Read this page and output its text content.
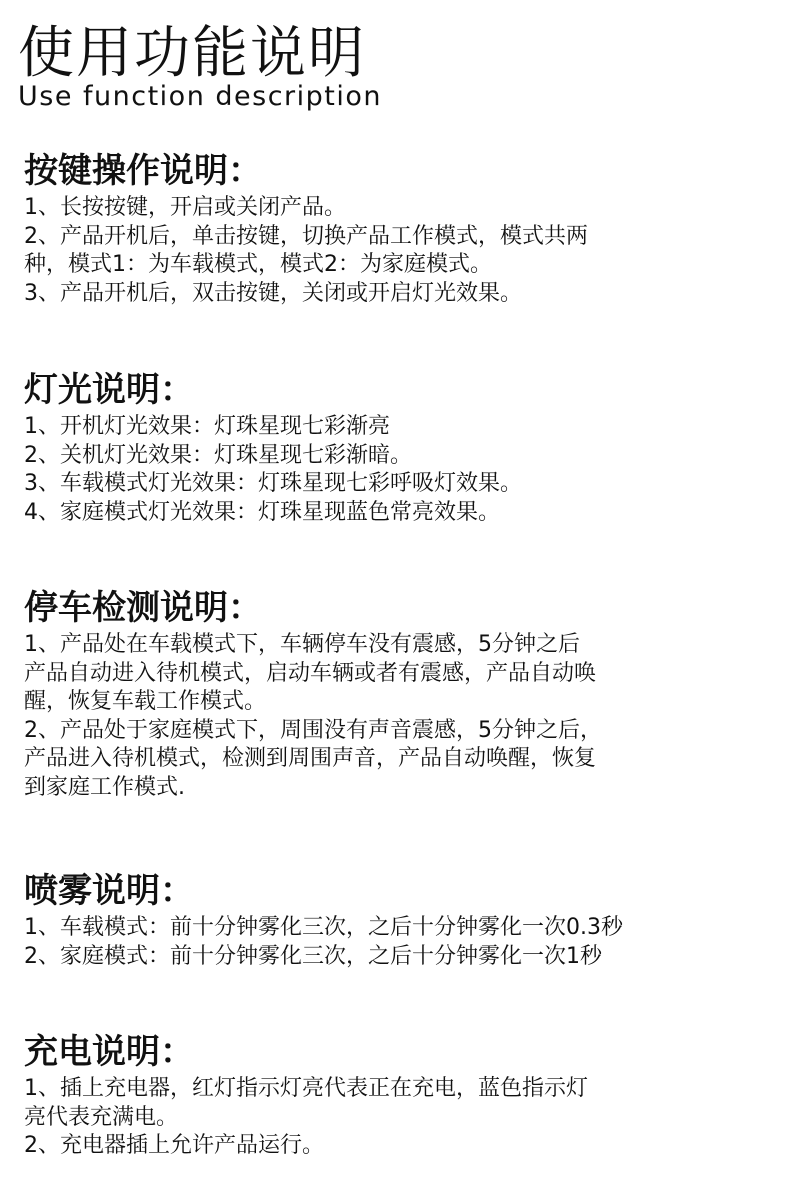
使用功能说明
Use function description
按键操作说明：
1、长按按键，开启或关闭产品。
2、产品开机后，单击按键，切换产品工作模式，模式共两
种，模式1：为车载模式，模式2：为家庭模式。
3、产品开机后，双击按键，关闭或开启灯光效果。
灯光说明：
1、开机灯光效果：灯珠星现七彩渐亮
2、关机灯光效果：灯珠星现七彩渐暗。
3、车载模式灯光效果：灯珠星现七彩呼吸灯效果。
4、家庭模式灯光效果：灯珠星现蓝色常亮效果。
停车检测说明：
1、产品处在车载模式下，车辆停车没有震感，5分钟之后
产品自动进入待机模式，启动车辆或者有震感，产品自动唤
醒，恢复车载工作模式。
2、产品处于家庭模式下，周围没有声音震感，5分钟之后，
产品进入待机模式，检测到周围声音，产品自动唤醒，恢复
到家庭工作模式.
喷雾说明：
1、车载模式：前十分钟雾化三次，之后十分钟雾化一次0.3秒
2、家庭模式：前十分钟雾化三次，之后十分钟雾化一次1秒
充电说明：
1、插上充电器，红灯指示灯亮代表正在充电，蓝色指示灯
亮代表充满电。
2、充电器插上允许产品运行。
